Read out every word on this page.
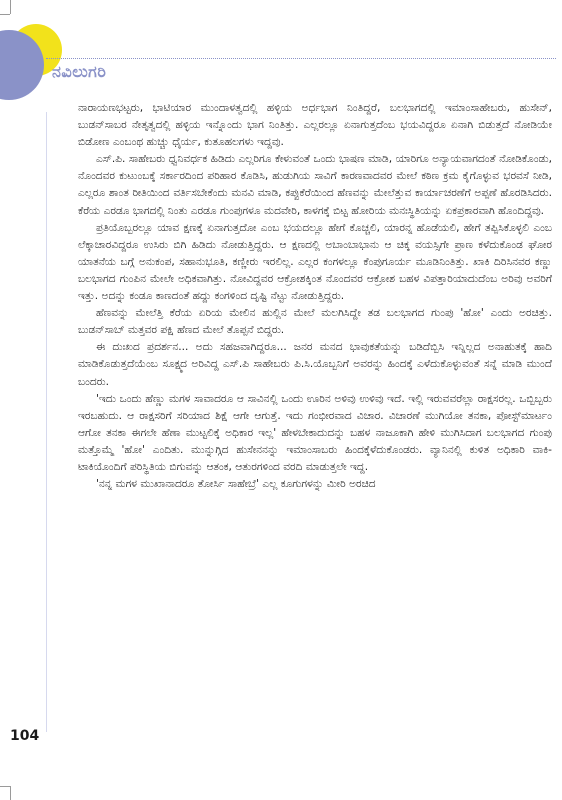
ನವಿಲುಗರಿ

ನಾರಾಯಣಭಟ್ಟರು, ಭಾಟಿಯಾರ ಮುಂದಾಳತ್ವದಲ್ಲಿ ಹಳ್ಳಿಯ ಅರ್ಧಭಾಗ ನಿಂತಿದ್ದರೆ, ಬಲಭಾಗದಲ್ಲಿ ಇಮಾಂಸಾಹೇಬರು, ಹುಸೇನ್, ಬುಡನ್‌ಸಾಬರ ನೇತೃತ್ವದಲ್ಲಿ ಹಳ್ಳಿಯ ಇನ್ನೊಂದು ಭಾಗ ನಿಂತಿತ್ತು. ಎಲ್ಲರಲ್ಲೂ ಏನಾಗುತ್ತದೆಂಬ ಭಯವಿದ್ದರೂ ಏನಾಗಿ ಬಿಡುತ್ತದೆ ನೋಡಿಯೇ ಬಿಡೋಣ ಎಂಬಂಥ ಹುಚ್ಚು ಧೈರ್ಯ, ಕುತೂಹಲಗಳು ಇದ್ದವು.

ಎಸ್.ಪಿ. ಸಾಹೇಬರು ಧ್ವನಿವರ್ಧಕ ಹಿಡಿದು ಎಲ್ಲರಿಗೂ ಕೇಳುವಂತೆ ಒಂದು ಭಾಷಣ ಮಾಡಿ, ಯಾರಿಗೂ ಅನ್ಯಾಯವಾಗದಂತೆ ನೋಡಿಕೊಂಡು, ನೊಂದವರ ಕುಟುಂಬಕ್ಕೆ ಸರ್ಕಾರದಿಂದ ಪರಿಹಾರ ಕೊಡಿಸಿ, ಹುಡುಗಿಯ ಸಾವಿಗೆ ಕಾರಣವಾದವರ ಮೇಲೆ ಕಠಿಣ ಕ್ರಮ ಕೈಗೊಳ್ಳುವ ಭರವಸೆ ನೀಡಿ, ಎಲ್ಲರೂ ಶಾಂತ ರೀತಿಯಿಂದ ವರ್ತಿಸಬೇಕೆಂದು ಮನವಿ ಮಾಡಿ, ಕಪ್ಪುಕೆರೆಯಿಂದ ಹೆಣವನ್ನು ಮೇಲೆತ್ತುವ ಕಾರ್ಯಾಚರಣೆಗೆ ಅಪ್ಪಣೆ ಹೊರಡಿಸಿದರು. ಕೆರೆಯ ಎರಡೂ ಭಾಗದಲ್ಲಿ ನಿಂತು ಎರಡೂ ಗುಂಪುಗಳೂ ಮದವೇರಿ, ಕಾಳಗಕ್ಕೆ ಬಿಟ್ಟ ಹೋರಿಯ ಮನಃಸ್ಥಿತಿಯನ್ನು ಏಕಪ್ರಕಾರವಾಗಿ ಹೊಂದಿದ್ದವು.

ಪ್ರತಿಯೊಬ್ಬರಲ್ಲೂ ಯಾವ ಕ್ಷಣಕ್ಕೆ ಏನಾಗುತ್ತದೋ ಎಂಬ ಭಯದಲ್ಲೂ ಹೇಗೆ ಕೊಚ್ಚಲಿ, ಯಾರನ್ನ ಹೊಡೆಯಲಿ, ಹೇಗೆ ತಪ್ಪಿಸಿಕೊಳ್ಳಲಿ ಎಂಬ ಲೆಕ್ಕಾಚಾರವಿದ್ದರೂ ಉಸಿರು ಬಿಗಿ ಹಿಡಿದು ನೋಡುತ್ತಿದ್ದರು. ಆ ಕ್ಷಣದಲ್ಲಿ ಅಬಾಂಬಾಭಾನು ಆ ಚಿಕ್ಕ ವಯಸ್ಸಿಗೇ ಪ್ರಾಣ ಕಳೆದುಕೊಂಡ ಘೋರ ಯಾತನೆಯ ಬಗ್ಗೆ ಅನುಕಂಪ, ಸಹಾನುಭೂತಿ, ಕಣ್ಣೀರು ಇರಲಿಲ್ಲ. ಎಲ್ಲರ ಕಂಗಳಲ್ಲೂ ಕೆಂಪುಗೂರ್ಯ ಮೂಡಿನಿಂತಿತ್ತು. ಖಾಕಿ ದಿರಿಸಿನವರ ಕಣ್ಣು ಬಲಭಾಗದ ಗುಂಪಿನ ಮೇಲೇ ಅಧಿಕವಾಗಿತ್ತು. ನೋವಿದ್ದವರ ಆಕ್ರೋಶಕ್ಕಿಂತ ನೊಂದವರ ಆಕ್ರೋಶ ಬಹಳ ವಿಪತ್ತಾರಿಯಾದುದೆಂಬ ಅರಿವು ಅವರಿಗೆ ಇತ್ತು. ಅದನ್ನು ಕಂಡೂ ಕಾಣದಂತೆ ಹದ್ದು ಕಂಗಳಿಂದ ದೃಷ್ಟಿ ನೆಟ್ಟು ನೋಡುತ್ತಿದ್ದರು.

ಹೆಣವನ್ನು ಮೇಲೆತ್ತಿ ಕೆರೆಯ ಏರಿಯ ಮೇಲಿನ ಹುಲ್ಲಿನ ಮೇಲೆ ಮಲಗಿಸಿದ್ದೇ ತಡ ಬಲಭಾಗದ ಗುಂಪು 'ಹೋ' ಎಂದು ಅರಚಿತ್ತು. ಬುಡನ್‌ಸಾಬ್ ಮತ್ತವರ ಪಕ್ಷಿ ಹೆಣದ ಮೇಲೆ ತೊಪ್ಪನೆ ಬಿದ್ದರು.

ಈ ದುಃಖದ ಪ್ರದರ್ಶನ... ಅದು ಸಹಜವಾಗಿದ್ದರೂ... ಜನರ ಮನದ ಭಾವುಕತೆಯನ್ನು ಬಡಿದೆಬ್ಬಿಸಿ ಇನ್ನಿಲ್ಲದ ಅನಾಹುತಕ್ಕೆ ಹಾದಿ ಮಾಡಿಕೊಡುತ್ತದೆಯೆಂಬ ಸೂಕ್ಷ್ಮದ ಅರಿವಿದ್ದ ಎಸ್.ಪಿ ಸಾಹೇಬರು ಪಿ.ಸಿ.ಯೊಬ್ಬನಿಗೆ ಅವರನ್ನು ಹಿಂದಕ್ಕೆ ಎಳೆದುಕೊಳ್ಳುವಂತೆ ಸನ್ನೆ ಮಾಡಿ ಮುಂದೆ ಬಂದರು.

'ಇದು ಒಂದು ಹೆಣ್ಣು ಮಗಳ ಸಾವಾದರೂ ಆ ಸಾವಿನಲ್ಲಿ ಒಂದು ಊರಿನ ಅಳಿವು ಉಳಿವು ಇದೆ. ಇಲ್ಲಿ ಇರುವವರೆಲ್ಲಾ ರಾಕ್ಷಸರಲ್ಲ. ಒಬ್ಬಿಬ್ಬರು ಇರಬಹುದು. ಆ ರಾಕ್ಷಸರಿಗೆ ಸರಿಯಾದ ಶಿಕ್ಷೆ ಆಗೇ ಆಗುತ್ತೆ. ಇದು ಗಂಭೀರವಾದ ವಿಚಾರ. ವಿಚಾರಣೆ ಮುಗಿಯೋ ತನಕಾ, ಪೋಸ್ಟ್‌ಮಾರ್ಟಂ ಆಗೋ ತನಕಾ ಈಗಲೇ ಹೆಣಾ ಮುಟ್ಟಲಿಕ್ಕೆ ಅಧಿಕಾರ ಇಲ್ಲ' ಹೇಳಬೇಕಾದುದನ್ನು ಬಹಳ ನಾಜೂಕಾಗಿ ಹೇಳಿ ಮುಗಿಸಿದಾಗ ಬಲಭಾಗದ ಗುಂಪು ಮತ್ತೊಮ್ಮೆ 'ಹೋ' ಎಂದಿತು. ಮುನ್ನುಗ್ಗಿದ ಹುಸೇನನನ್ನು ಇಮಾಂಸಾಬರು ಹಿಂದಕ್ಕೆಳೆದುಕೊಂಡರು. ವ್ಯಾನಿನಲ್ಲಿ ಕುಳಿತ ಅಧಿಕಾರಿ ವಾಕಿ-ಟಾಕಿಯೊಂದಿಗೆ ಪರಿಸ್ಥಿತಿಯ ಬಿಗುವನ್ನು ಆತಂಕ, ಆತುರಗಳಿಂದ ವರದಿ ಮಾಡುತ್ತಲೇ ಇದ್ದ.

'ನನ್ನ ಮಗಳ ಮುಖಾನಾದರೂ ತೋರ್ಸಿ ಸಾಹೇಬ್ರೆ' ಎಲ್ಲ ಕೂಗುಗಳನ್ನು ಮೀರಿ ಅರಚಿದ

104
